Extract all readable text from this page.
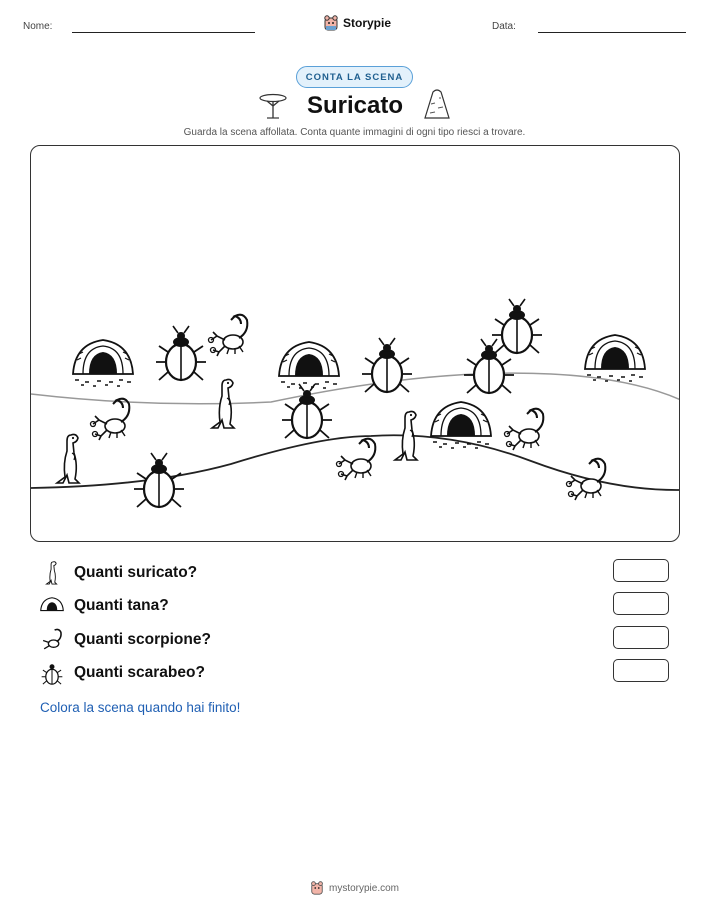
Nome:	Storypie	Data:
CONTA LA SCENA
Suricato
Guarda la scena affollata. Conta quante immagini di ogni tipo riesci a trovare.
Quanti suricato?
Quanti tana?
Quanti scorpione?
Quanti scarabeo?
Colora la scena quando hai finito!
mystorypie.com
